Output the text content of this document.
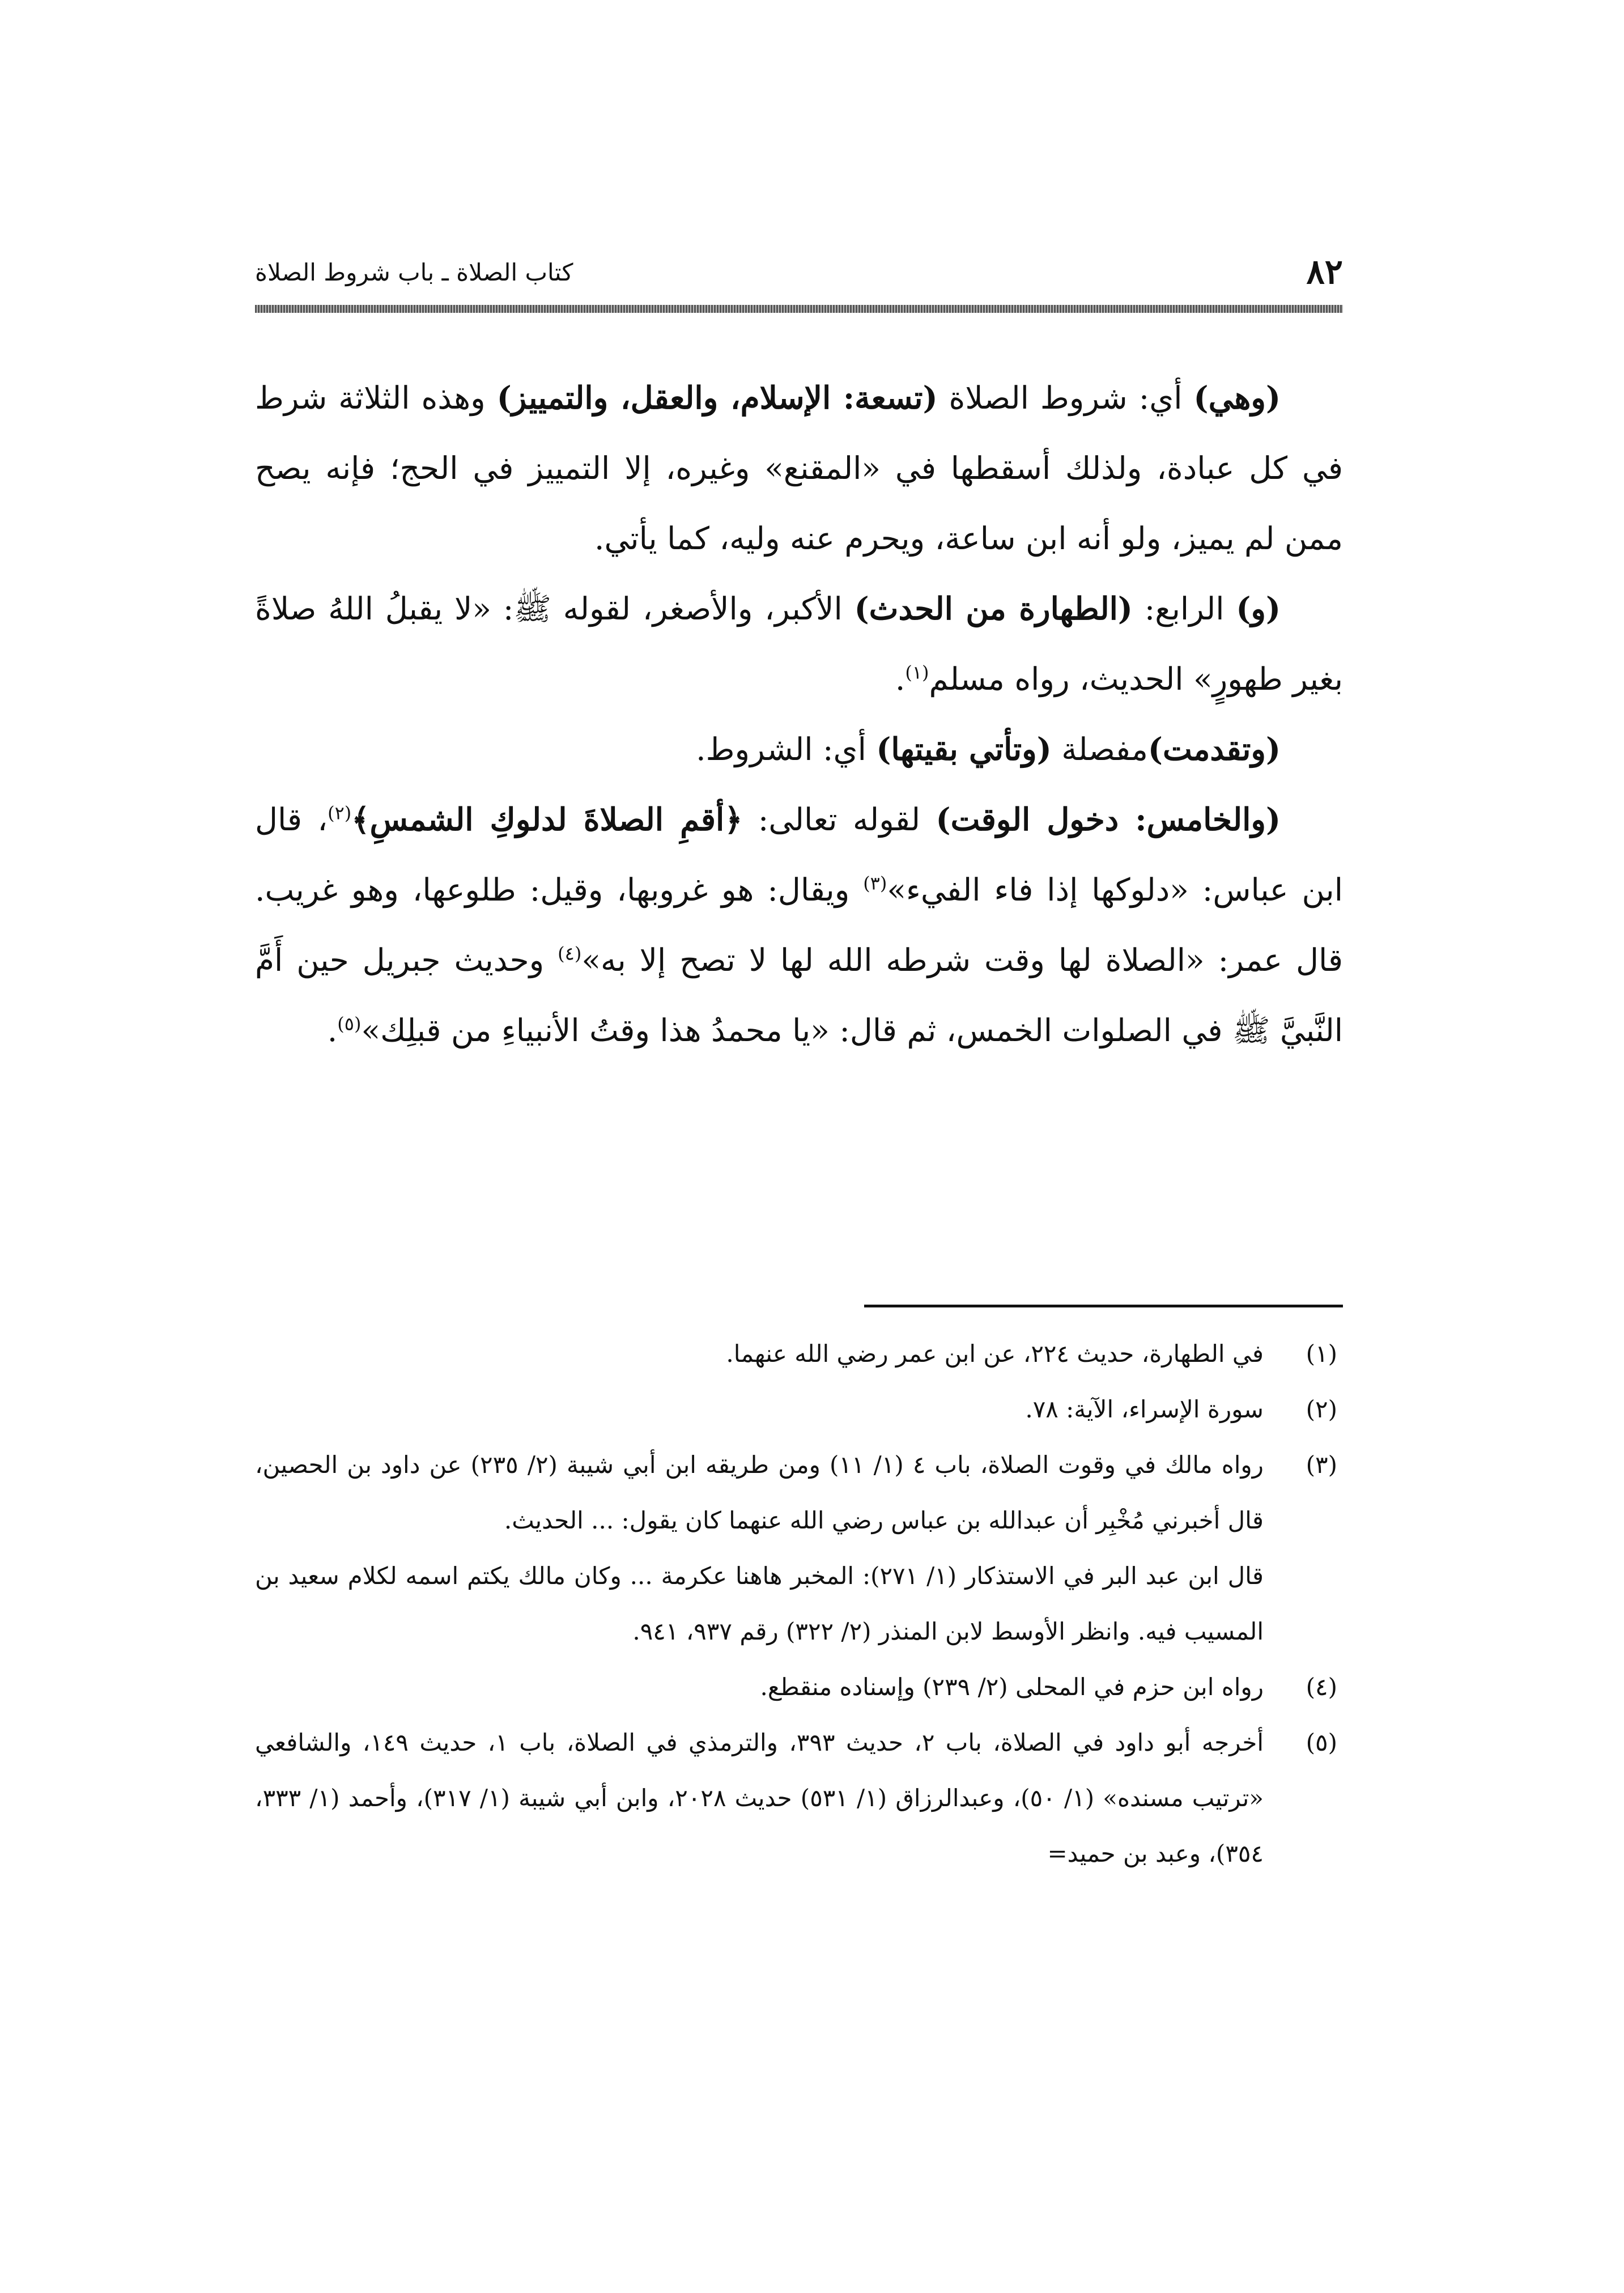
٨٢
كتاب الصلاة ـ باب شروط الصلاة

(وهي) أي: شروط الصلاة (تسعة: الإسلام، والعقل، والتمييز) وهذه الثلاثة شرط في كل عبادة، ولذلك أسقطها في «المقنع» وغيره، إلا التمييز في الحج؛ فإنه يصح ممن لم يميز، ولو أنه ابن ساعة، ويحرم عنه وليه، كما يأتي.

(و) الرابع: (الطهارة من الحدث) الأكبر، والأصغر، لقوله ﷺ: «لا يقبلُ اللهُ صلاةً بغير طهورٍ» الحديث، رواه مسلم$^{(١)}$.

(وتقدمت)مفصلة (وتأتي بقيتها) أي: الشروط.

(والخامس: دخول الوقت) لقوله تعالى: ﴿أقمِ الصلاةَ لدلوكِ الشمسِ﴾$^{(٢)}$، قال ابن عباس: «دلوكها إذا فاء الفيء»$^{(٣)}$ ويقال: هو غروبها، وقيل: طلوعها، وهو غريب. قال عمر: «الصلاة لها وقت شرطه الله لها لا تصح إلا به»$^{(٤)}$ وحديث جبريل حين أَمَّ النَّبيَّ ﷺ في الصلوات الخمس، ثم قال: «يا محمدُ هذا وقتُ الأنبياءِ من قبلِك»$^{(٥)}$.

(١)

في الطهارة، حديث ٢٢٤، عن ابن عمر رضي الله عنهما.

(٢)

سورة الإسراء، الآية: ٧٨.

(٣)

رواه مالك في وقوت الصلاة، باب ٤ (١/ ١١) ومن طريقه ابن أبي شيبة (٢/ ٢٣٥) عن داود بن الحصين، قال أخبرني مُخْبِر أن عبدالله بن عباس رضي الله عنهما كان يقول: ... الحديث.

قال ابن عبد البر في الاستذكار (١/ ٢٧١): المخبر هاهنا عكرمة ... وكان مالك يكتم اسمه لكلام سعيد بن المسيب فيه. وانظر الأوسط لابن المنذر (٢/ ٣٢٢) رقم ٩٣٧، ٩٤١.

(٤)

رواه ابن حزم في المحلى (٢/ ٢٣٩) وإسناده منقطع.

(٥)

أخرجه أبو داود في الصلاة، باب ٢، حديث ٣٩٣، والترمذي في الصلاة، باب ١، حديث ١٤٩، والشافعي «ترتيب مسنده» (١/ ٥٠)، وعبدالرزاق (١/ ٥٣١) حديث ٢٠٢٨، وابن أبي شيبة (١/ ٣١٧)، وأحمد (١/ ٣٣٣، ٣٥٤)، وعبد بن حميد=
